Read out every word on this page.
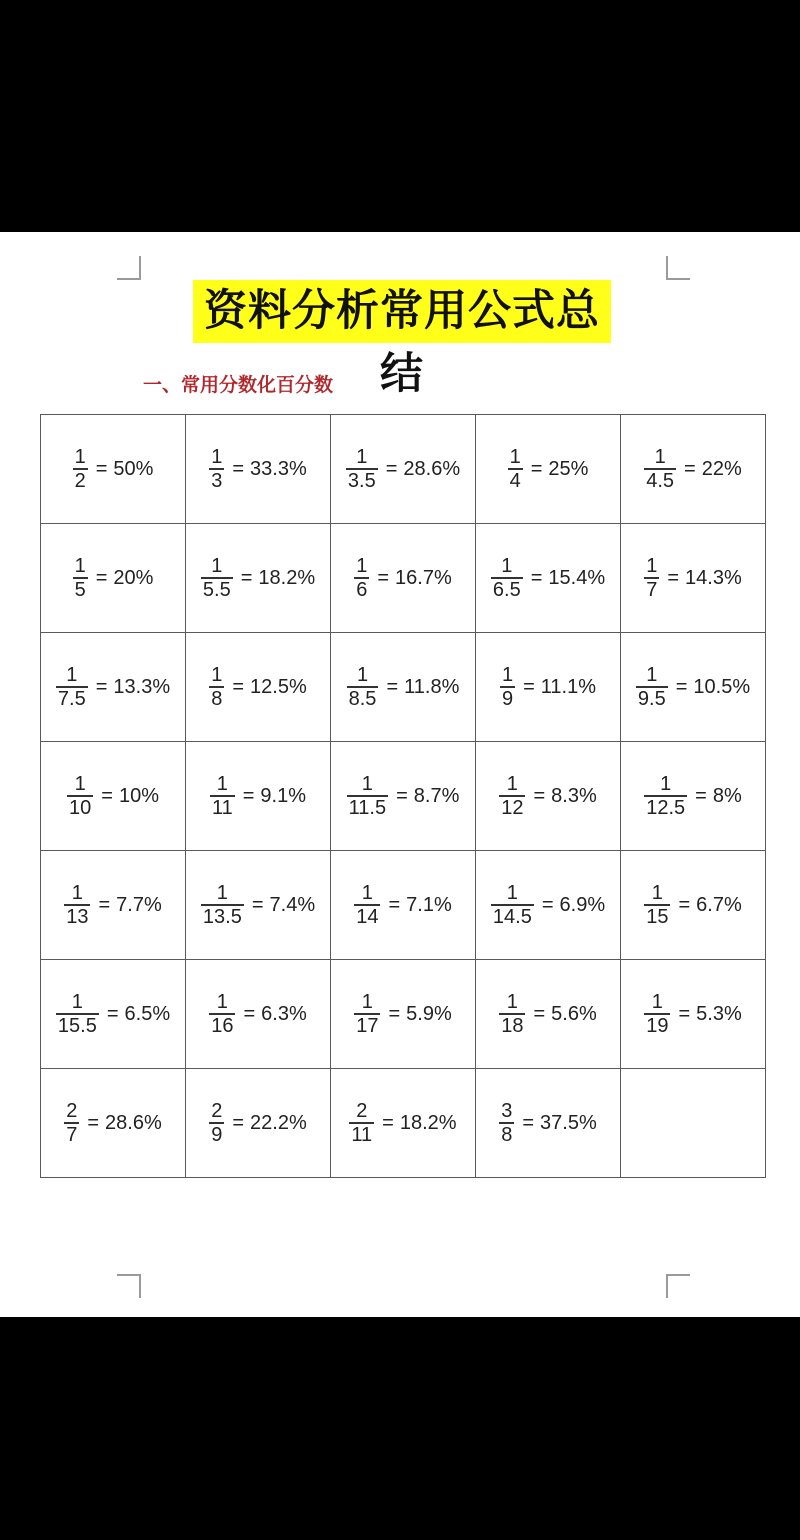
资料分析常用公式总结
一、常用分数化百分数
$\frac{1}{2} = 50\%$	$\frac{1}{3} = 33.3\%$	$\frac{1}{3.5} = 28.6\%$	$\frac{1}{4} = 25\%$	$\frac{1}{4.5} = 22\%$

$\frac{1}{5} = 20\%$	$\frac{1}{5.5} = 18.2\%$	$\frac{1}{6} = 16.7\%$	$\frac{1}{6.5} = 15.4\%$	$\frac{1}{7} = 14.3\%$

$\frac{1}{7.5} = 13.3\%$	$\frac{1}{8} = 12.5\%$	$\frac{1}{8.5} = 11.8\%$	$\frac{1}{9} = 11.1\%$	$\frac{1}{9.5} = 10.5\%$

$\frac{1}{10} = 10\%$	$\frac{1}{11} = 9.1\%$	$\frac{1}{11.5} = 8.7\%$	$\frac{1}{12} = 8.3\%$	$\frac{1}{12.5} = 8\%$

$\frac{1}{13} = 7.7\%$	$\frac{1}{13.5} = 7.4\%$	$\frac{1}{14} = 7.1\%$	$\frac{1}{14.5} = 6.9\%$	$\frac{1}{15} = 6.7\%$

$\frac{1}{15.5} = 6.5\%$	$\frac{1}{16} = 6.3\%$	$\frac{1}{17} = 5.9\%$	$\frac{1}{18} = 5.6\%$	$\frac{1}{19} = 5.3\%$

$\frac{2}{7} = 28.6\%$	$\frac{2}{9} = 22.2\%$	$\frac{2}{11} = 18.2\%$	$\frac{3}{8} = 37.5\%$	
